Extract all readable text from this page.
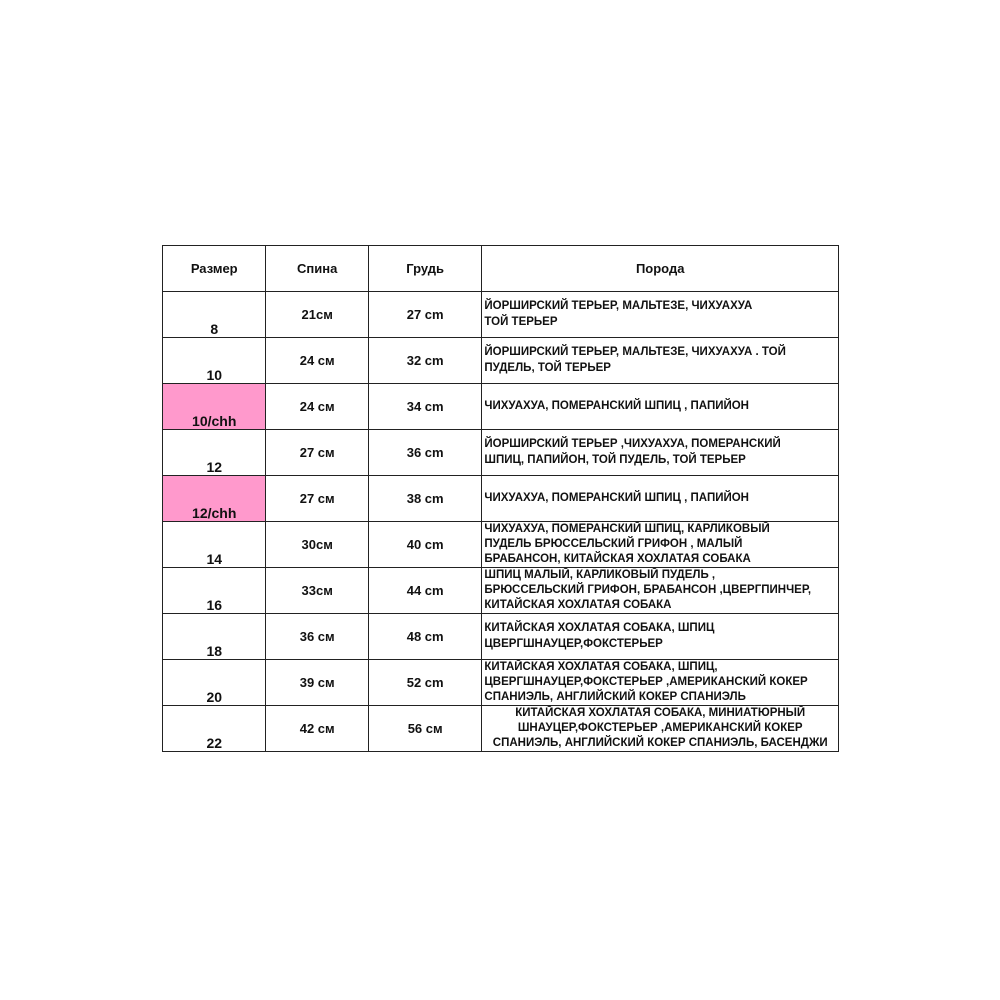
Размер	Спина	Грудь	Порода
8	21см	27 cm	ЙОРШИРСКИЙ ТЕРЬЕР, МАЛЬТЕЗЕ, ЧИХУАХУА
ТОЙ ТЕРЬЕР

10	24 см	32 cm	ЙОРШИРСКИЙ ТЕРЬЕР, МАЛЬТЕЗЕ, ЧИХУАХУА . ТОЙ
ПУДЕЛЬ, ТОЙ ТЕРЬЕР

10/chh	24 см	34 cm	ЧИХУАХУА, ПОМЕРАНСКИЙ ШПИЦ , ПАПИЙОН

12	27 см	36 cm	ЙОРШИРСКИЙ ТЕРЬЕР ,ЧИХУАХУА, ПОМЕРАНСКИЙ
ШПИЦ, ПАПИЙОН, ТОЙ ПУДЕЛЬ, ТОЙ ТЕРЬЕР

12/chh	27 см	38 cm	ЧИХУАХУА, ПОМЕРАНСКИЙ ШПИЦ , ПАПИЙОН

14	30см	40 cm	ЧИХУАХУА, ПОМЕРАНСКИЙ ШПИЦ, КАРЛИКОВЫЙ
ПУДЕЛЬ БРЮССЕЛЬСКИЙ ГРИФОН , МАЛЫЙ
БРАБАНСОН, КИТАЙСКАЯ ХОХЛАТАЯ СОБАКА

16	33см	44 cm	ШПИЦ МАЛЫЙ, КАРЛИКОВЫЙ ПУДЕЛЬ ,
БРЮССЕЛЬСКИЙ ГРИФОН, БРАБАНСОН ,ЦВЕРГПИНЧЕР,
КИТАЙСКАЯ ХОХЛАТАЯ СОБАКА

18	36 см	48 cm	КИТАЙСКАЯ ХОХЛАТАЯ СОБАКА, ШПИЦ
ЦВЕРГШНАУЦЕР,ФОКСТЕРЬЕР

20	39 см	52 cm	КИТАЙСКАЯ ХОХЛАТАЯ СОБАКА, ШПИЦ,
ЦВЕРГШНАУЦЕР,ФОКСТЕРЬЕР ,АМЕРИКАНСКИЙ КОКЕР
СПАНИЭЛЬ, АНГЛИЙСКИЙ КОКЕР СПАНИЭЛЬ

22	42 см	56 см	КИТАЙСКАЯ ХОХЛАТАЯ СОБАКА, МИНИАТЮРНЫЙ
ШНАУЦЕР,ФОКСТЕРЬЕР ,АМЕРИКАНСКИЙ КОКЕР
СПАНИЭЛЬ, АНГЛИЙСКИЙ КОКЕР СПАНИЭЛЬ, БАСЕНДЖИ
